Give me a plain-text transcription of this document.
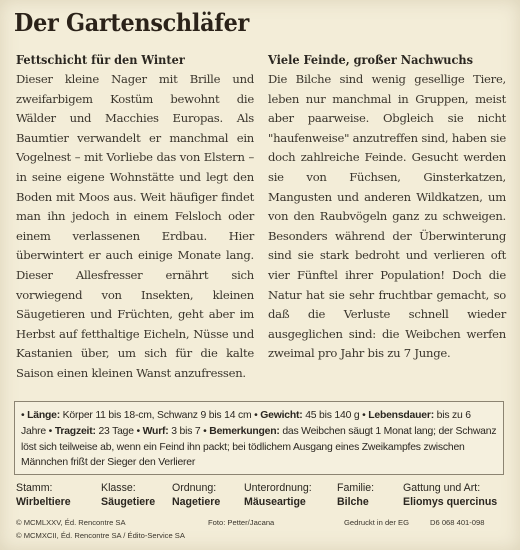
Der Gartenschläfer
Fettschicht für den Winter

Dieser kleine Nager mit Brille und zweifarbigem Kostüm bewohnt die Wälder und Macchies Europas. Als Baumtier verwandelt er manchmal ein Vogelnest – mit Vorliebe das von Elstern – in seine eigene Wohnstätte und legt den Boden mit Moos aus. Weit häufiger findet man ihn jedoch in einem Felsloch oder einem verlassenen Erdbau. Hier überwintert er auch einige Monate lang. Dieser Allesfresser ernährt sich vorwiegend von Insekten, kleinen Säugetieren und Früchten, geht aber im Herbst auf fetthaltige Eicheln, Nüsse und Kastanien über, um sich für die kalte Saison einen kleinen Wanst anzufressen.

Viele Feinde, großer Nachwuchs

Die Bilche sind wenig gesellige Tiere, leben nur manchmal in Gruppen, meist aber paarweise. Obgleich sie nicht "haufenweise" anzutreffen sind, haben sie doch zahlreiche Feinde. Gesucht werden sie von Füchsen, Ginsterkatzen, Mangusten und anderen Wildkatzen, um von den Raubvögeln ganz zu schweigen. Besonders während der Überwinterung sind sie stark bedroht und verlieren oft vier Fünftel ihrer Population! Doch die Natur hat sie sehr fruchtbar gemacht, so daß die Verluste schnell wieder ausgeglichen sind: die Weibchen werfen zweimal pro Jahr bis zu 7 Junge.

• Länge: Körper 11 bis 18-cm, Schwanz 9 bis 14 cm • Gewicht: 45 bis 140 g • Lebensdauer: bis zu 6 Jahre • Tragzeit: 23 Tage • Wurf: 3 bis 7 • Bemerkungen: das Weibchen säugt 1 Monat lang; der Schwanz löst sich teilweise ab, wenn ein Feind ihn packt; bei tödlichem Ausgang eines Zweikampfes zwischen Männchen frißt der Sieger den Verlierer
Stamm:
Wirbeltiere
Klasse:
Säugetiere
Ordnung:
Nagetiere
Unterordnung:
Mäuseartige
Familie:
Bilche
Gattung und Art:
Eliomys quercinus
© MCMLXXV, Éd. Rencontre SA
© MCMXCII, Éd. Rencontre SA / Édito-Service SA
Foto: Petter/Jacana	Gedruckt in der EG	D6 068 401-098
